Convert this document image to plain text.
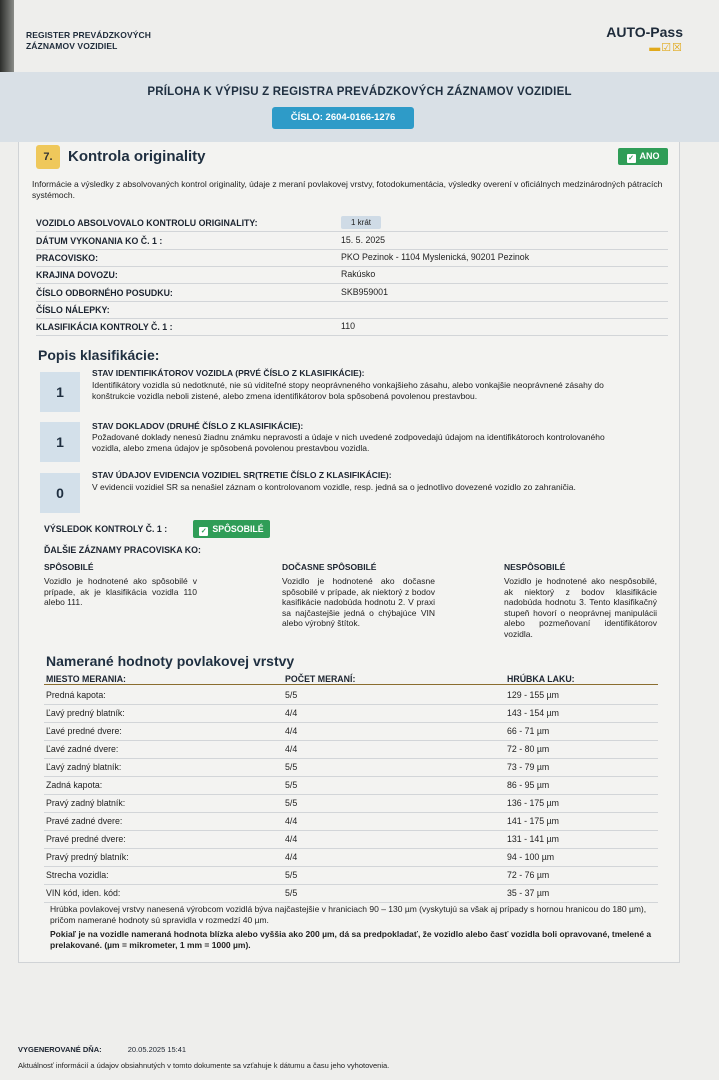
REGISTER PREVÁDZKOVÝCH
ZÁZNAMOV VOZIDIEL
AUTO-Pass
▬☑☒
PRÍLOHA K VÝPISU Z REGISTRA PREVÁDZKOVÝCH ZÁZNAMOV VOZIDIEL
ČÍSLO: 2604-0166-1276
7.	Kontrola originality	✓ ANO
Informácie a výsledky z absolvovaných kontrol originality, údaje z meraní povlakovej vrstvy, fotodokumentácia, výsledky overení v oficiálnych medzinárodných pátracích systémoch.
VOZIDLO ABSOLVOVALO KONTROLU ORIGINALITY:	1 krát
DÁTUM VYKONANIA KO Č. 1 :	15. 5. 2025
PRACOVISKO:	PKO Pezinok - 1104 Myslenická, 90201 Pezinok
KRAJINA DOVOZU:	Rakúsko
ČÍSLO ODBORNÉHO POSUDKU:	SKB959001
ČÍSLO NÁLEPKY:
KLASIFIKÁCIA KONTROLY Č. 1 :	110
Popis klasifikácie:
1
STAV IDENTIFIKÁTOROV VOZIDLA (PRVÉ ČÍSLO Z KLASIFIKÁCIE):
Identifikátory vozidla sú nedotknuté, nie sú viditeľné stopy neoprávneného vonkajšieho zásahu, alebo vonkajšie neoprávnené zásahy do konštrukcie vozidla neboli zistené, alebo zmena identifikátorov bola spôsobená povolenou prestavbou.
1
STAV DOKLADOV (DRUHÉ ČÍSLO Z KLASIFIKÁCIE):
Požadované doklady nenesú žiadnu známku nepravosti a údaje v nich uvedené zodpovedajú údajom na identifikátoroch kontrolovaného vozidla, alebo zmena údajov je spôsobená povolenou prestavbou vozidla.
0
STAV ÚDAJOV EVIDENCIA VOZIDIEL SR(TRETIE ČÍSLO Z KLASIFIKÁCIE):
V evidencii vozidiel SR sa nenašiel záznam o kontrolovanom vozidle, resp. jedná sa o jednotlivo dovezené vozidlo zo zahraničia.
VÝSLEDOK KONTROLY Č. 1 :	✓ SPÔSOBILÉ
ĎALŠIE ZÁZNAMY PRACOVISKA KO:
SPÔSOBILÉ
Vozidlo je hodnotené ako spôsobilé v prípade, ak je klasifikácia vozidla 110 alebo 111.
DOČASNE SPÔSOBILÉ
Vozidlo je hodnotené ako dočasne spôsobilé v prípade, ak niektorý z bodov kasifikácie nadobúda hodnotu 2. V praxi sa najčastejšie jedná o chýbajúce VIN alebo výrobný štítok.
NESPÔSOBILÉ
Vozidlo je hodnotené ako nespôsobilé, ak niektorý z bodov klasifikácie nadobúda hodnotu 3. Tento klasifikačný stupeň hovorí o neoprávnej manipulácii alebo pozmeňovaní identifikátorov vozidla.
Namerané hodnoty povlakovej vrstvy
MIESTO MERANIA:	POČET MERANÍ:	HRÚBKA LAKU:
Predná kapota:	5/5	129 - 155 µm
Ľavý predný blatník:	4/4	143 - 154 µm
Ľavé predné dvere:	4/4	66 - 71 µm
Ľavé zadné dvere:	4/4	72 - 80 µm
Ľavý zadný blatník:	5/5	73 - 79 µm
Zadná kapota:	5/5	86 - 95 µm
Pravý zadný blatník:	5/5	136 - 175 µm
Pravé zadné dvere:	4/4	141 - 175 µm
Pravé predné dvere:	4/4	131 - 141 µm
Pravý predný blatník:	4/4	94 - 100 µm
Strecha vozidla:	5/5	72 - 76 µm
VIN kód, iden. kód:	5/5	35 - 37 µm
Hrúbka povlakovej vrstvy nanesená výrobcom vozidlá býva najčastejšie v hraniciach 90 – 130 µm (vyskytujú sa však aj prípady s hornou hranicou do 180 µm), pričom namerané hodnoty sú spravidla v rozmedzí 40 µm.
Pokiaľ je na vozidle nameraná hodnota blízka alebo vyššia ako 200 µm, dá sa predpokladať, že vozidlo alebo časť vozidla boli opravované, tmelené a prelakované. (µm = mikrometer, 1 mm = 1000 µm).
VYGENEROVANÉ DŇA:	20.05.2025 15:41
Aktuálnosť informácií a údajov obsiahnutých v tomto dokumente sa vzťahuje k dátumu a času jeho vyhotovenia.
